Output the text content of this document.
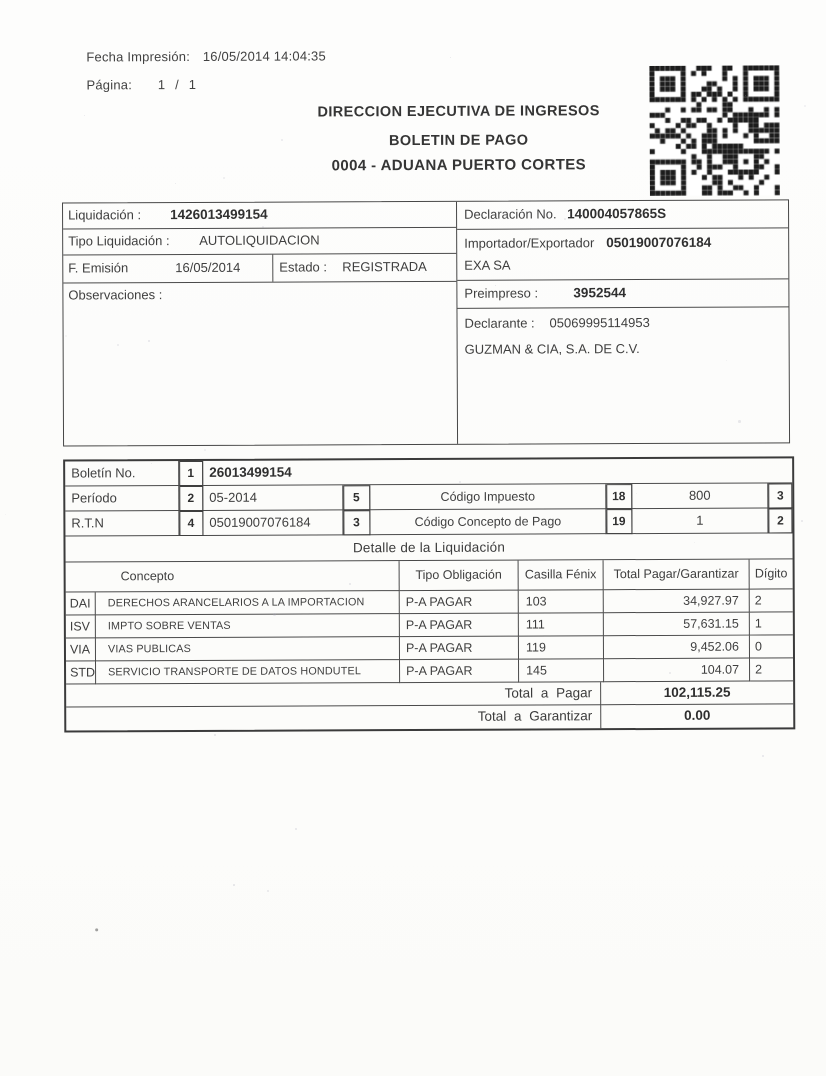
Fecha Impresión: 16/05/2014 14:04:35
Página: 1 / 1
DIRECCION EJECUTIVA DE INGRESOS
BOLETIN DE PAGO
0004 - ADUANA PUERTO CORTES
Liquidación : 1426013499154
Tipo Liquidación : AUTOLIQUIDACION
F. Emisión	16/05/2014	Estado : REGISTRADA
Observaciones :
Declaración No. 140004057865S
Importador/Exportador 05019007076184
EXA SA
Preimpreso :	3952544
Declarante : 05069995114953
GUZMAN & CIA, S.A. DE C.V.
Boletín No.	1	26013499154
Período	2	05-2014	5	Código Impuesto	18	800	3
R.T.N	4	05019007076184	3	Código Concepto de Pago	19	1	2
Detalle de la Liquidación
Concepto	Tipo Obligación	Casilla Fénix	Total Pagar/Garantizar	Dígito
DAI	DERECHOS ARANCELARIOS A LA IMPORTACION	P-A PAGAR	103	34,927.97	2
ISV	IMPTO SOBRE VENTAS	P-A PAGAR	111	57,631.15	1
VIA	VIAS PUBLICAS	P-A PAGAR	119	9,452.06	0
STD	SERVICIO TRANSPORTE DE DATOS HONDUTEL	P-A PAGAR	145	104.07	2
Total a Pagar	102,115.25
Total a Garantizar	0.00
